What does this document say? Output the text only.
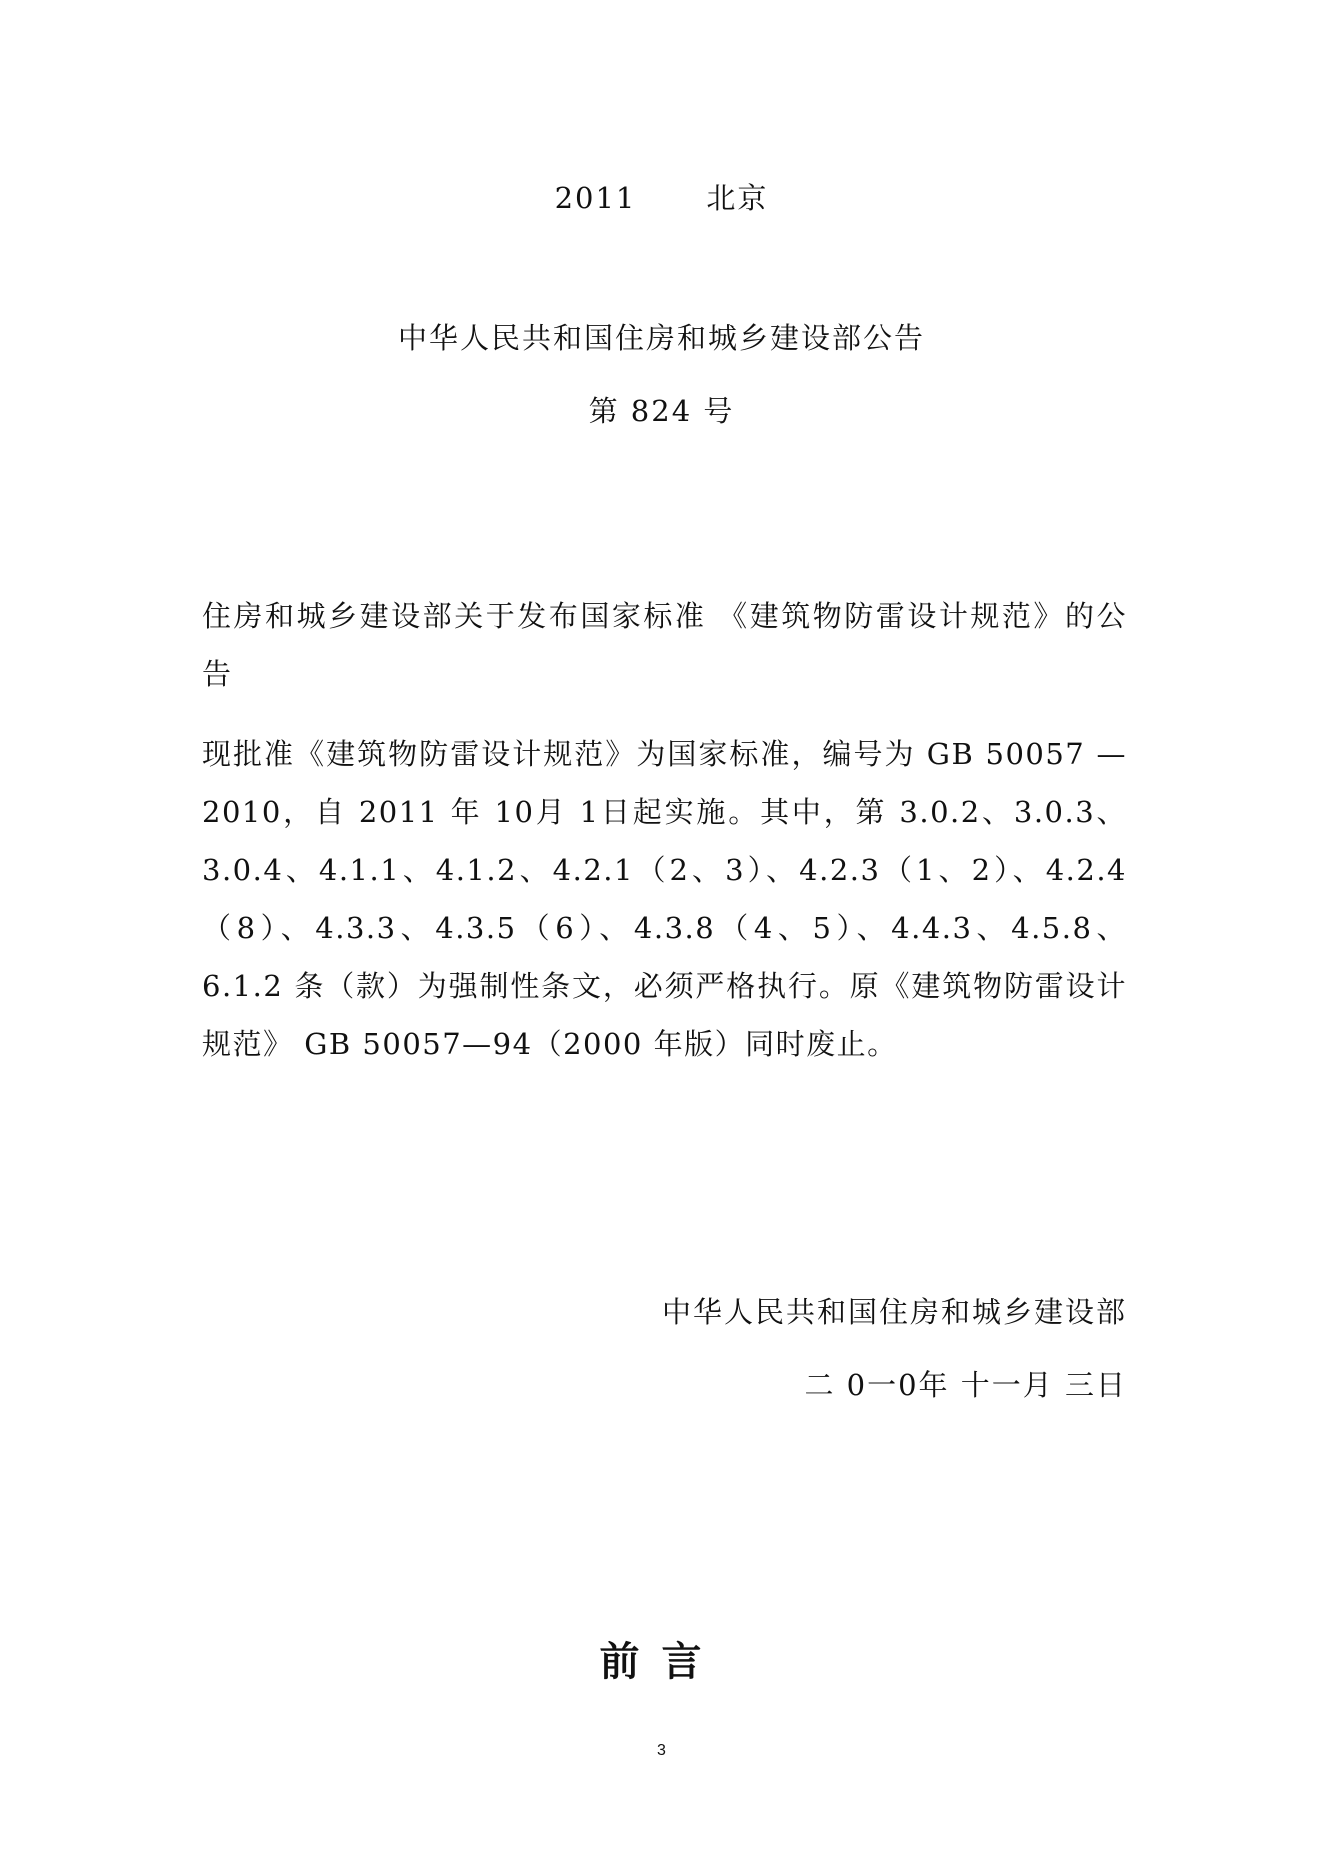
2011 北京
中华人民共和国住房和城乡建设部公告
第 824 号
住房和城乡建设部关于发布国家标准 《建筑物防雷设计规范》的公告
现批准《建筑物防雷设计规范》为国家标准，编号为 GB 50057 — 2010，自 2011 年 10月 1日起实施。其中，第 3.0.2、3.0.3、3.0.4、4.1.1、4.1.2、4.2.1（2、3）、4.2.3（1、2）、4.2.4（8）、4.3.3、4.3.5（6）、4.3.8（4、5）、4.4.3、4.5.8、 6.1.2 条（款）为强制性条文，必须严格执行。原《建筑物防雷设计规范》 GB 50057—94（2000 年版）同时废止。
中华人民共和国住房和城乡建设部
二 0一0年 十一月 三日
前言
3
